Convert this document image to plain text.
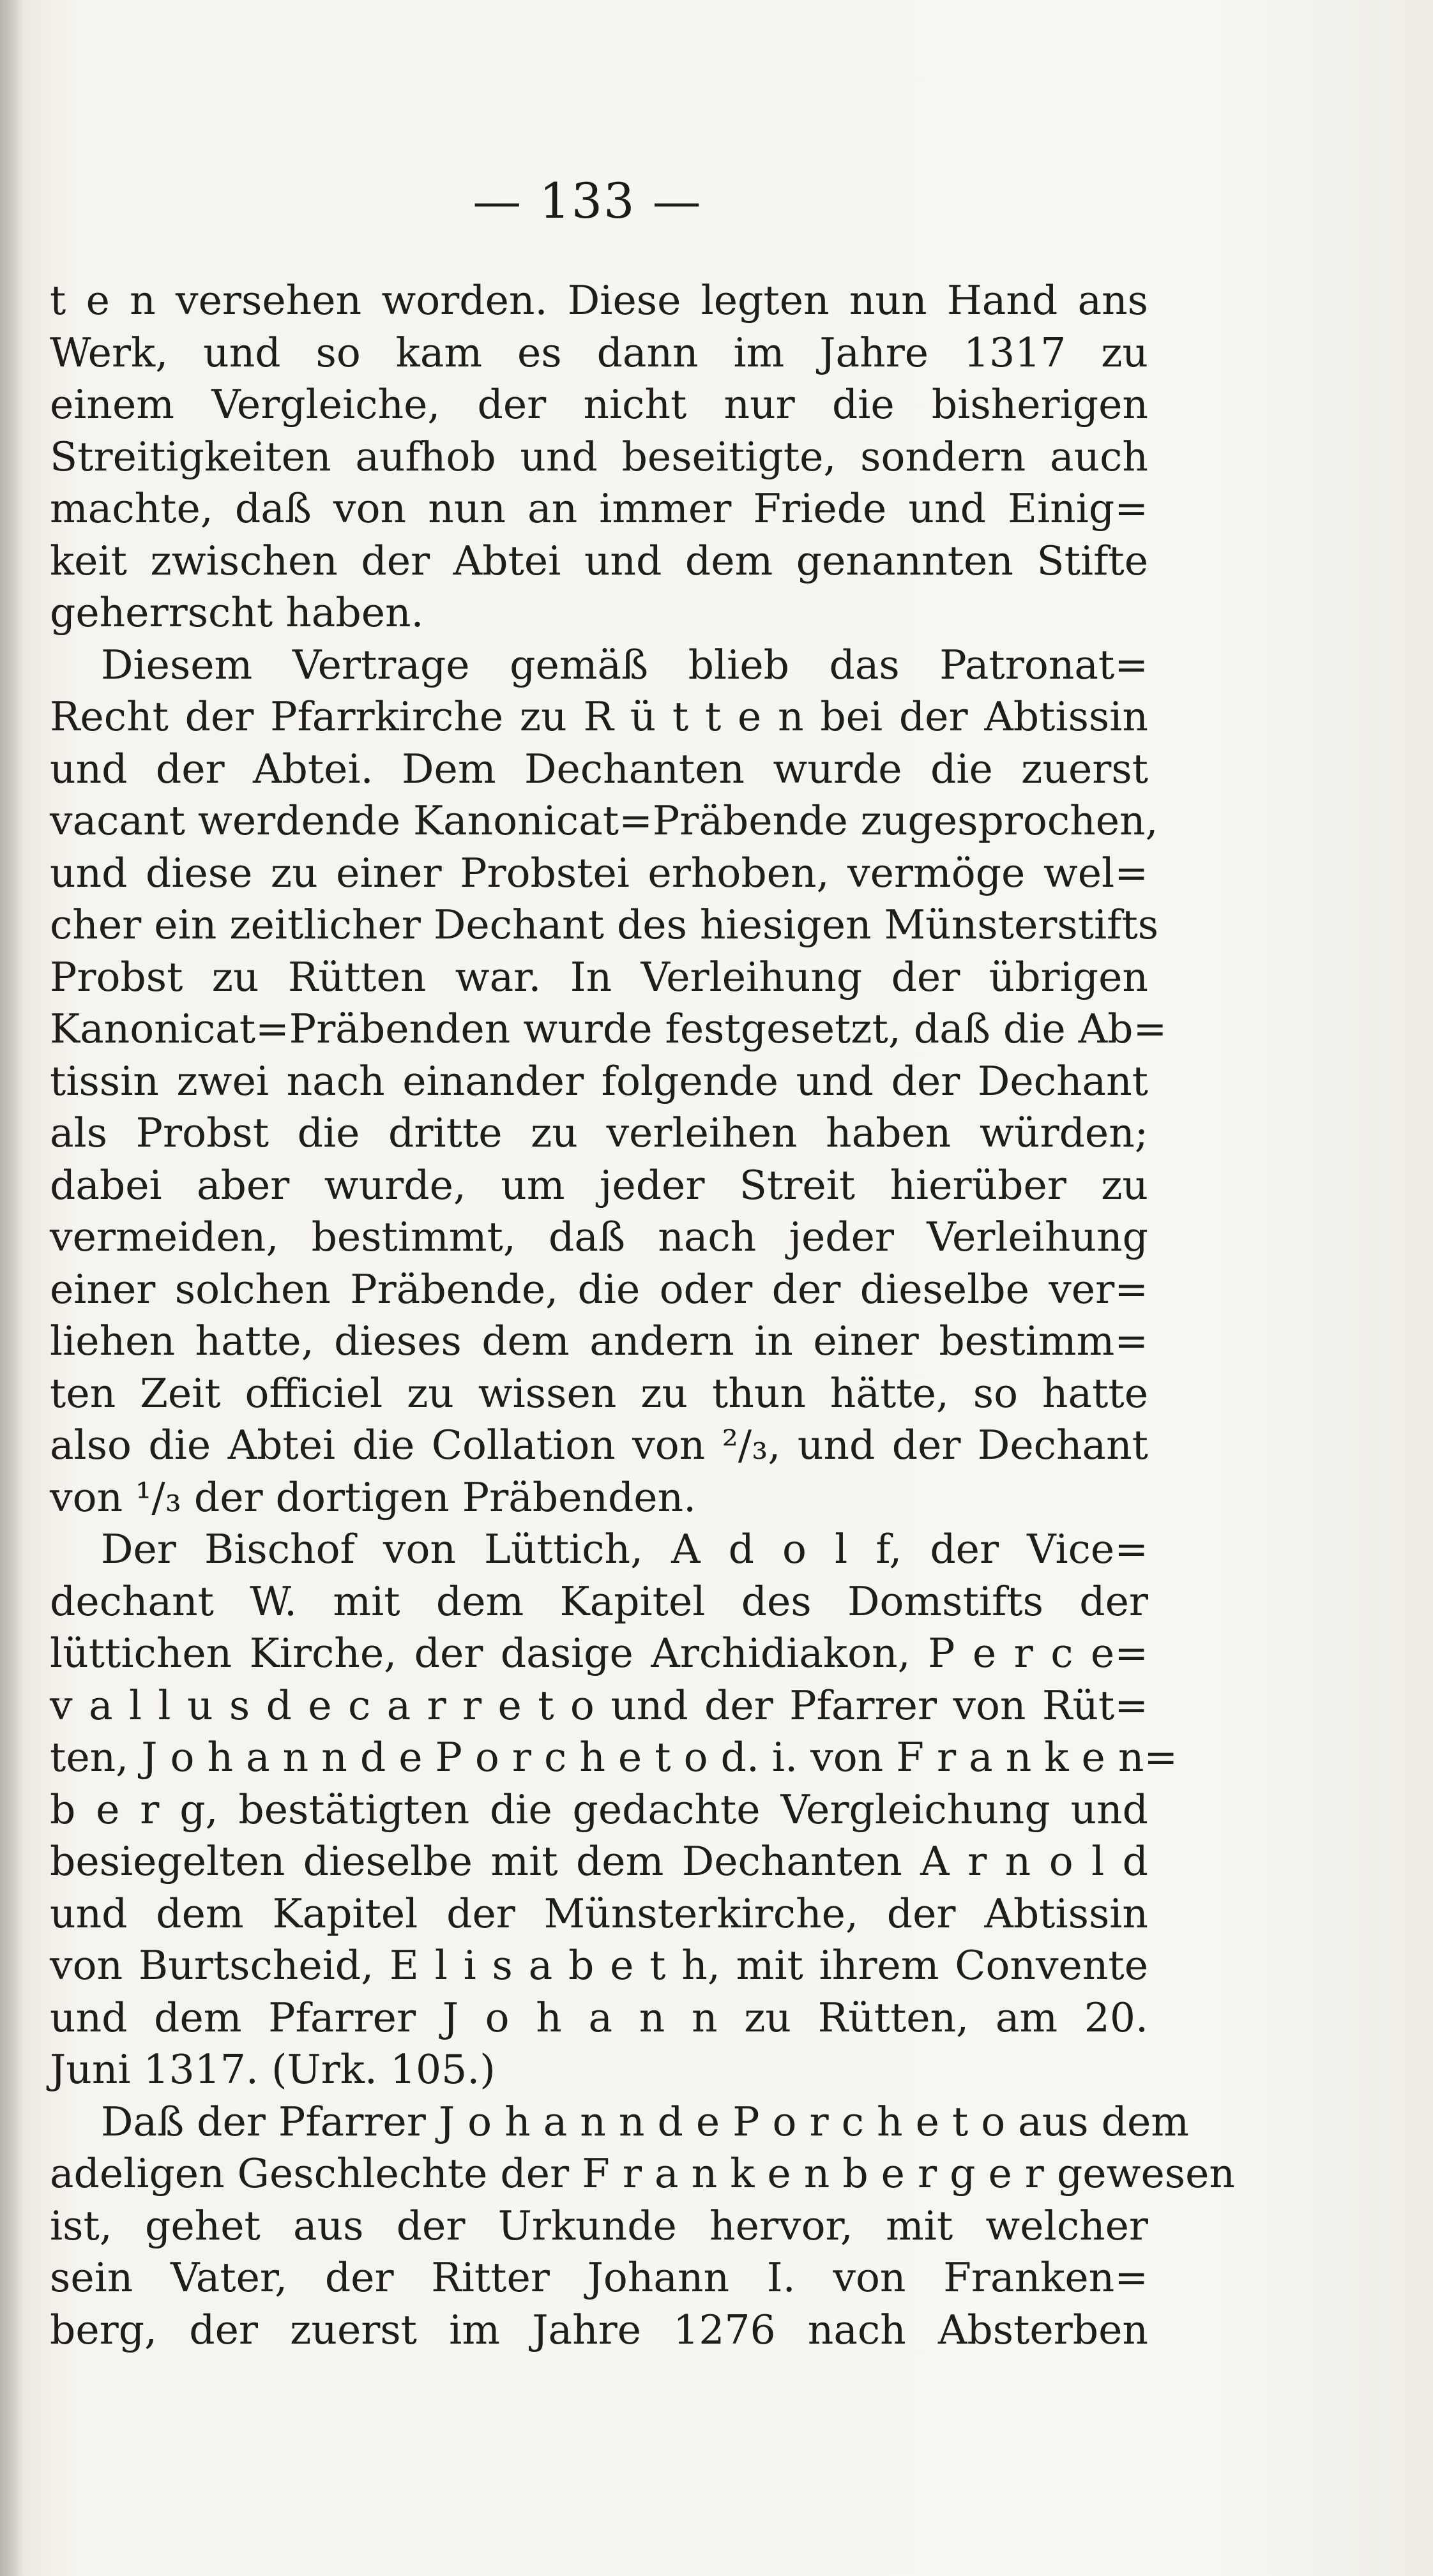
— 133 —
t e n versehen worden. Diese legten nun Hand ans
Werk, und so kam es dann im Jahre 1317 zu
einem Vergleiche, der nicht nur die bisherigen
Streitigkeiten aufhob und beseitigte, sondern auch
machte, daß von nun an immer Friede und Einig=
keit zwischen der Abtei und dem genannten Stifte
geherrscht haben.
Diesem Vertrage gemäß blieb das Patronat=
Recht der Pfarrkirche zu R ü t t e n bei der Abtissin
und der Abtei. Dem Dechanten wurde die zuerst
vacant werdende Kanonicat=Präbende zugesprochen,
und diese zu einer Probstei erhoben, vermöge wel=
cher ein zeitlicher Dechant des hiesigen Münsterstifts
Probst zu Rütten war. In Verleihung der übrigen
Kanonicat=Präbenden wurde festgesetzt, daß die Ab=
tissin zwei nach einander folgende und der Dechant
als Probst die dritte zu verleihen haben würden;
dabei aber wurde, um jeder Streit hierüber zu
vermeiden, bestimmt, daß nach jeder Verleihung
einer solchen Präbende, die oder der dieselbe ver=
liehen hatte, dieses dem andern in einer bestimm=
ten Zeit officiel zu wissen zu thun hätte, so hatte
also die Abtei die Collation von ²/₃, und der Dechant
von ¹/₃ der dortigen Präbenden.
Der Bischof von Lüttich, A d o l f, der Vice=
dechant W. mit dem Kapitel des Domstifts der
lüttichen Kirche, der dasige Archidiakon, P e r c e=
v a l l u s d e c a r r e t o und der Pfarrer von Rüt=
ten, J o h a n n d e P o r c h e t o d. i. von F r a n k e n=
b e r g, bestätigten die gedachte Vergleichung und
besiegelten dieselbe mit dem Dechanten A r n o l d
und dem Kapitel der Münsterkirche, der Abtissin
von Burtscheid, E l i s a b e t h, mit ihrem Convente
und dem Pfarrer J o h a n n zu Rütten, am 20.
Juni 1317. (Urk. 105.)
Daß der Pfarrer J o h a n n d e P o r c h e t o aus dem
adeligen Geschlechte der F r a n k e n b e r g e r gewesen
ist, gehet aus der Urkunde hervor, mit welcher
sein Vater, der Ritter Johann I. von Franken=
berg, der zuerst im Jahre 1276 nach Absterben
